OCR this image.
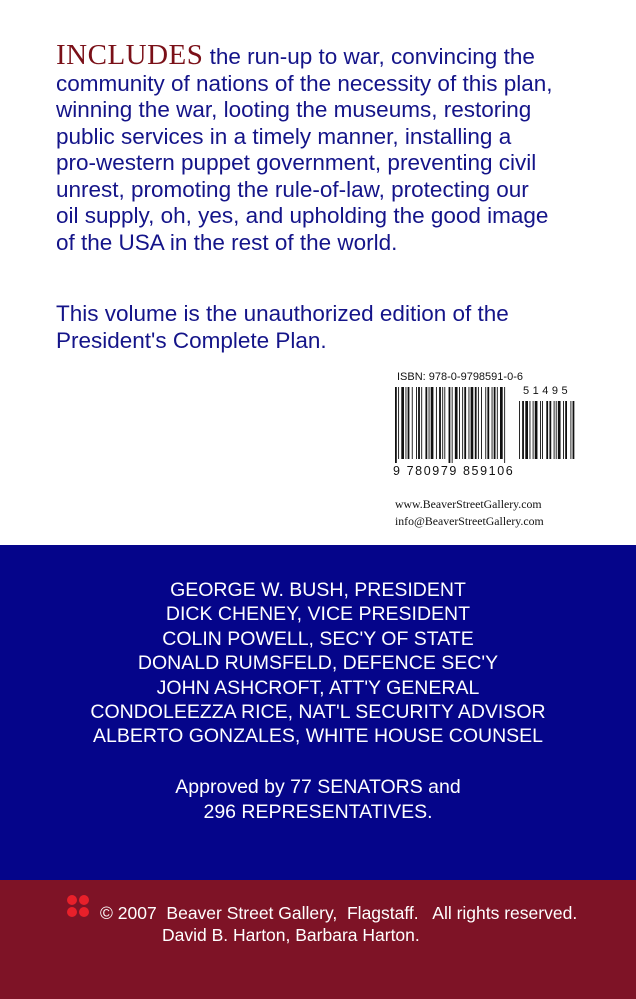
INCLUDES the run-up to war, convincing the
community of nations of the necessity of this plan,
winning the war, looting the museums, restoring
public services in a timely manner, installing a
pro-western puppet government, preventing civil
unrest, promoting the rule-of-law, protecting our
oil supply, oh, yes, and upholding the good image
of the USA in the rest of the world.
This volume is the unauthorized edition of the
President's Complete Plan.
ISBN: 978-0-9798591-0-6
51495
9 780979 859106
www.BeaverStreetGallery.com
info@BeaverStreetGallery.com
GEORGE W. BUSH, PRESIDENT
DICK CHENEY, VICE PRESIDENT
COLIN POWELL, SEC'Y OF STATE
DONALD RUMSFELD, DEFENCE SEC'Y
JOHN ASHCROFT, ATT'Y GENERAL
CONDOLEEZZA RICE, NAT'L SECURITY ADVISOR
ALBERTO GONZALES, WHITE HOUSE COUNSEL
Approved by 77 SENATORS and
296 REPRESENTATIVES.
© 2007  Beaver Street Gallery,  Flagstaff.   All rights reserved.
David B. Harton, Barbara Harton.
